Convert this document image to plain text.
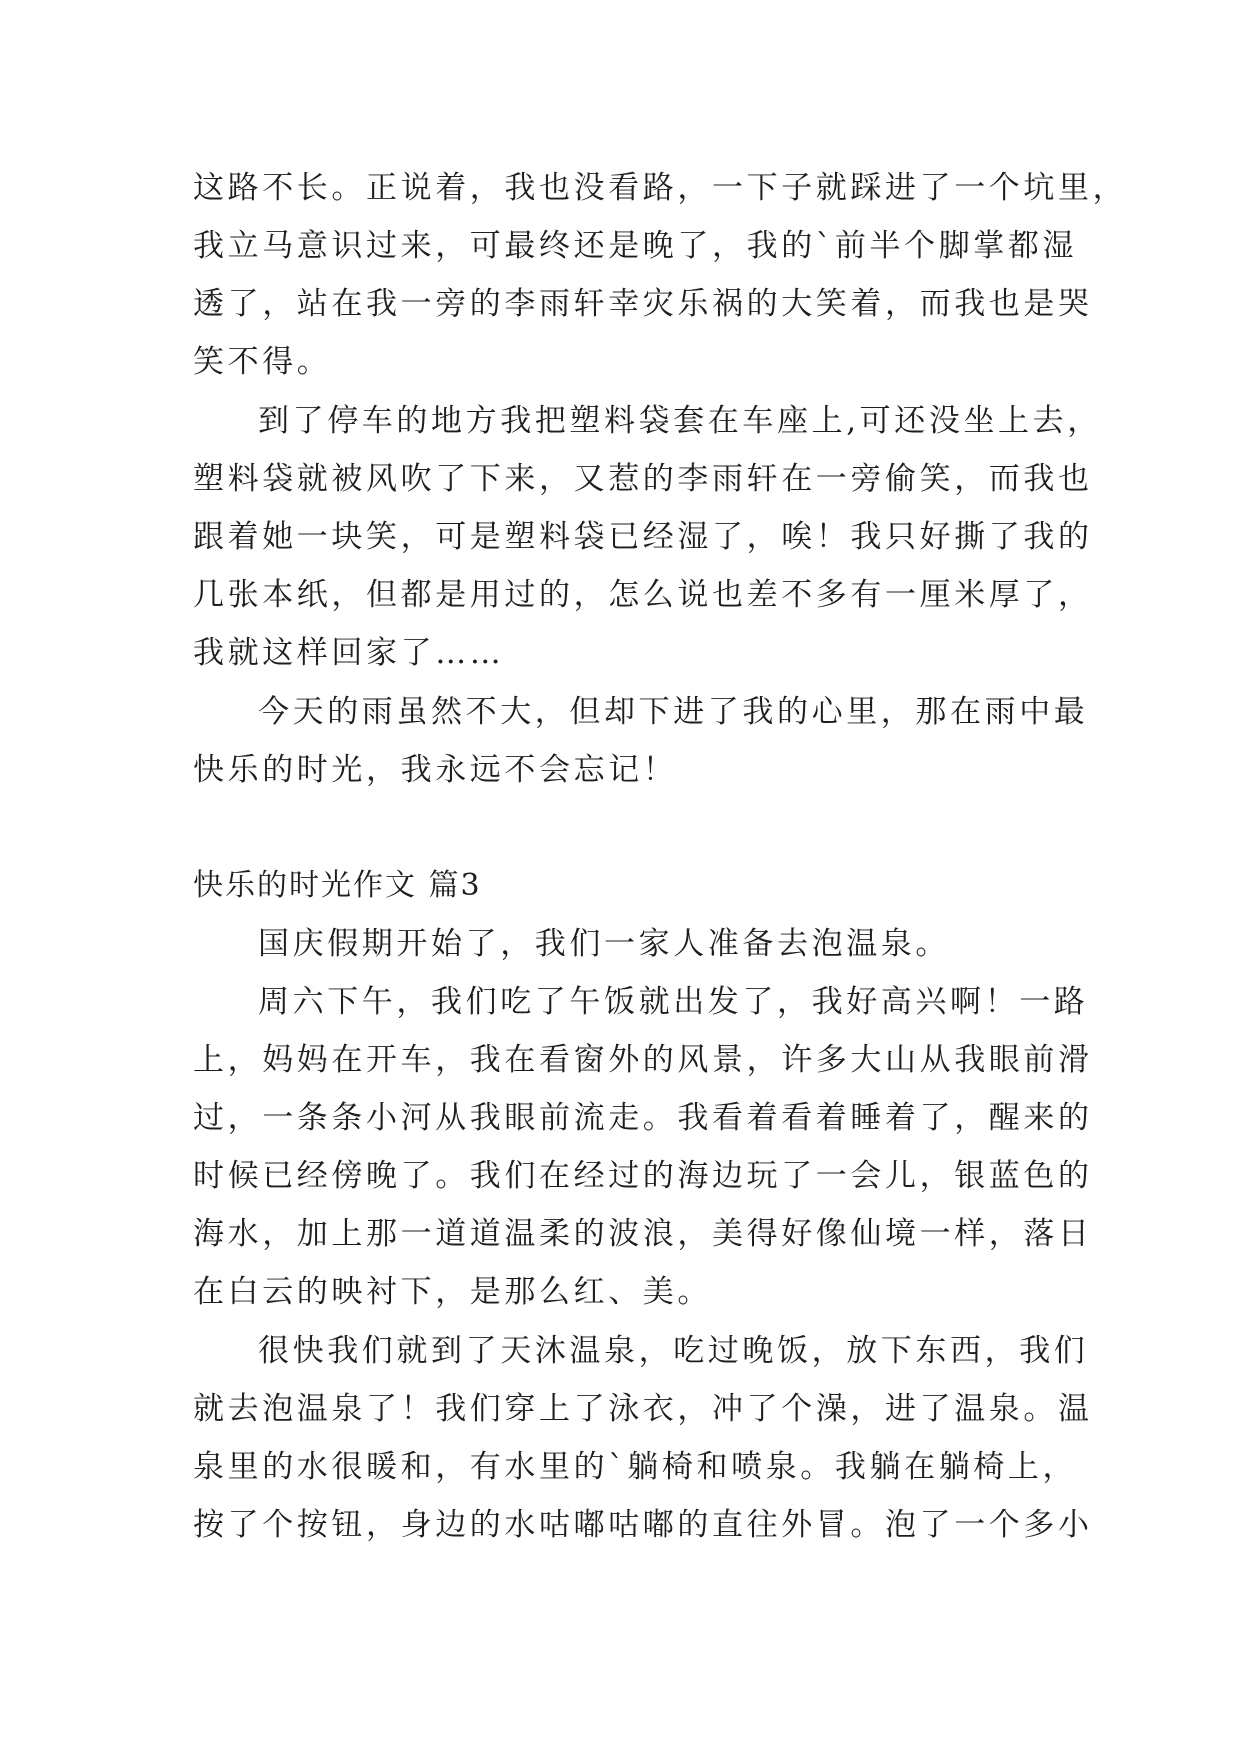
这路不长。正说着，我也没看路，一下子就踩进了一个坑里，
我立马意识过来，可最终还是晚了，我的`前半个脚掌都湿
透了，站在我一旁的李雨轩幸灾乐祸的大笑着，而我也是哭
笑不得。
到了停车的地方我把塑料袋套在车座上,可还没坐上去，
塑料袋就被风吹了下来，又惹的李雨轩在一旁偷笑，而我也
跟着她一块笑，可是塑料袋已经湿了，唉！我只好撕了我的
几张本纸，但都是用过的，怎么说也差不多有一厘米厚了，
我就这样回家了……
今天的雨虽然不大，但却下进了我的心里，那在雨中最
快乐的时光，我永远不会忘记！
快乐的时光作文 篇3
国庆假期开始了，我们一家人准备去泡温泉。
周六下午，我们吃了午饭就出发了，我好高兴啊！一路
上，妈妈在开车，我在看窗外的风景，许多大山从我眼前滑
过，一条条小河从我眼前流走。我看着看着睡着了，醒来的
时候已经傍晚了。我们在经过的海边玩了一会儿，银蓝色的
海水，加上那一道道温柔的波浪，美得好像仙境一样，落日
在白云的映衬下，是那么红、美。
很快我们就到了天沐温泉，吃过晚饭，放下东西，我们
就去泡温泉了！我们穿上了泳衣，冲了个澡，进了温泉。温
泉里的水很暖和，有水里的`躺椅和喷泉。我躺在躺椅上，
按了个按钮，身边的水咕嘟咕嘟的直往外冒。泡了一个多小
